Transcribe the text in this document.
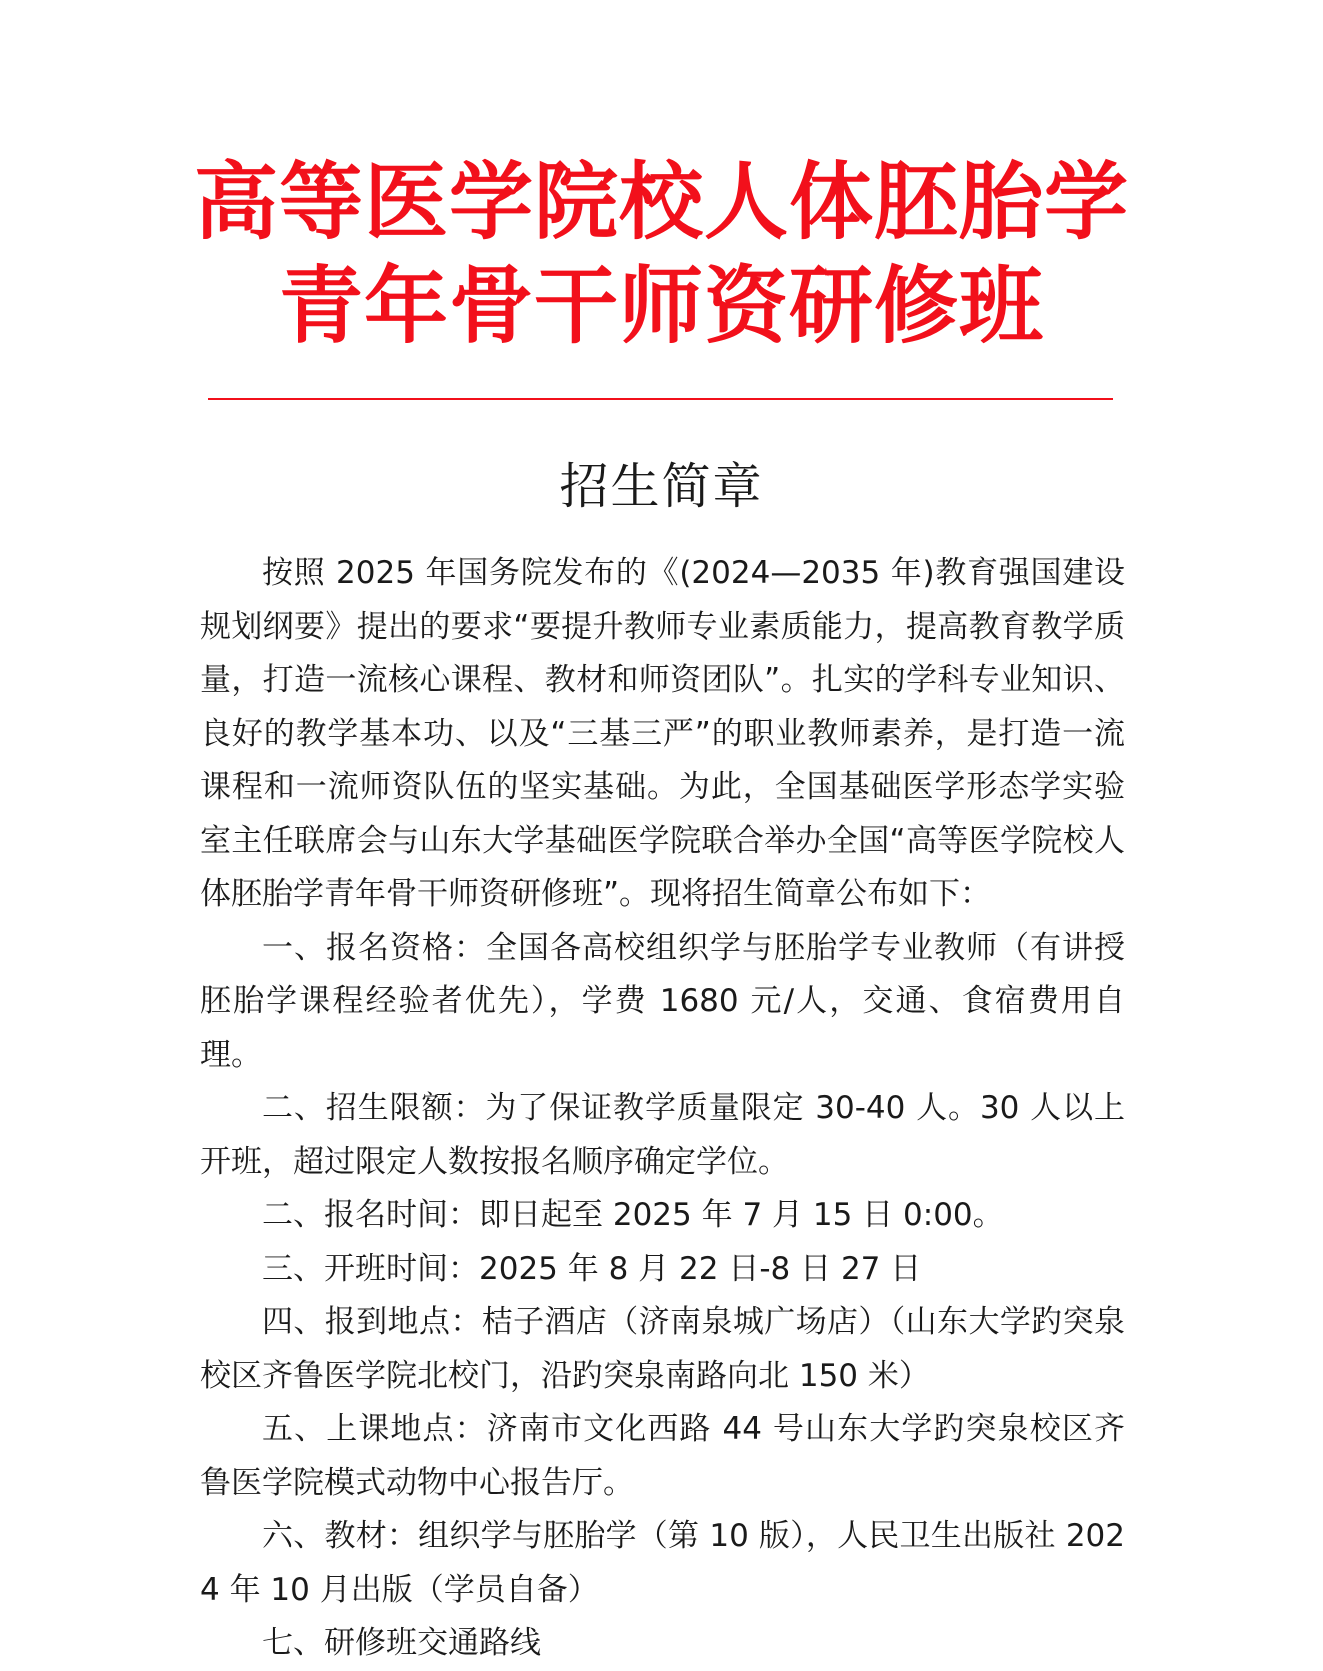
高等医学院校人体胚胎学
青年骨干师资研修班
招生简章

按照 2025 年国务院发布的《(2024—2035 年)教育强国建设规划纲要》提出的要求“要提升教师专业素质能力，提高教育教学质量，打造一流核心课程、教材和师资团队”。扎实的学科专业知识、良好的教学基本功、以及“三基三严”的职业教师素养，是打造一流课程和一流师资队伍的坚实基础。为此，全国基础医学形态学实验室主任联席会与山东大学基础医学院联合举办全国“高等医学院校人体胚胎学青年骨干师资研修班”。现将招生简章公布如下：

一、报名资格：全国各高校组织学与胚胎学专业教师（有讲授胚胎学课程经验者优先），学费 1680 元/人，交通、食宿费用自理。

二、招生限额：为了保证教学质量限定 30-40 人。30 人以上开班，超过限定人数按报名顺序确定学位。

二、报名时间：即日起至 2025 年 7 月 15 日 0:00。

三、开班时间：2025 年 8 月 22 日-8 日 27 日

四、报到地点：桔子酒店（济南泉城广场店）（山东大学趵突泉校区齐鲁医学院北校门，沿趵突泉南路向北 150 米）

五、上课地点：济南市文化西路 44 号山东大学趵突泉校区齐鲁医学院模式动物中心报告厅。

六、教材：组织学与胚胎学（第 10 版），人民卫生出版社 2024 年 10 月出版（学员自备）

七、研修班交通路线
